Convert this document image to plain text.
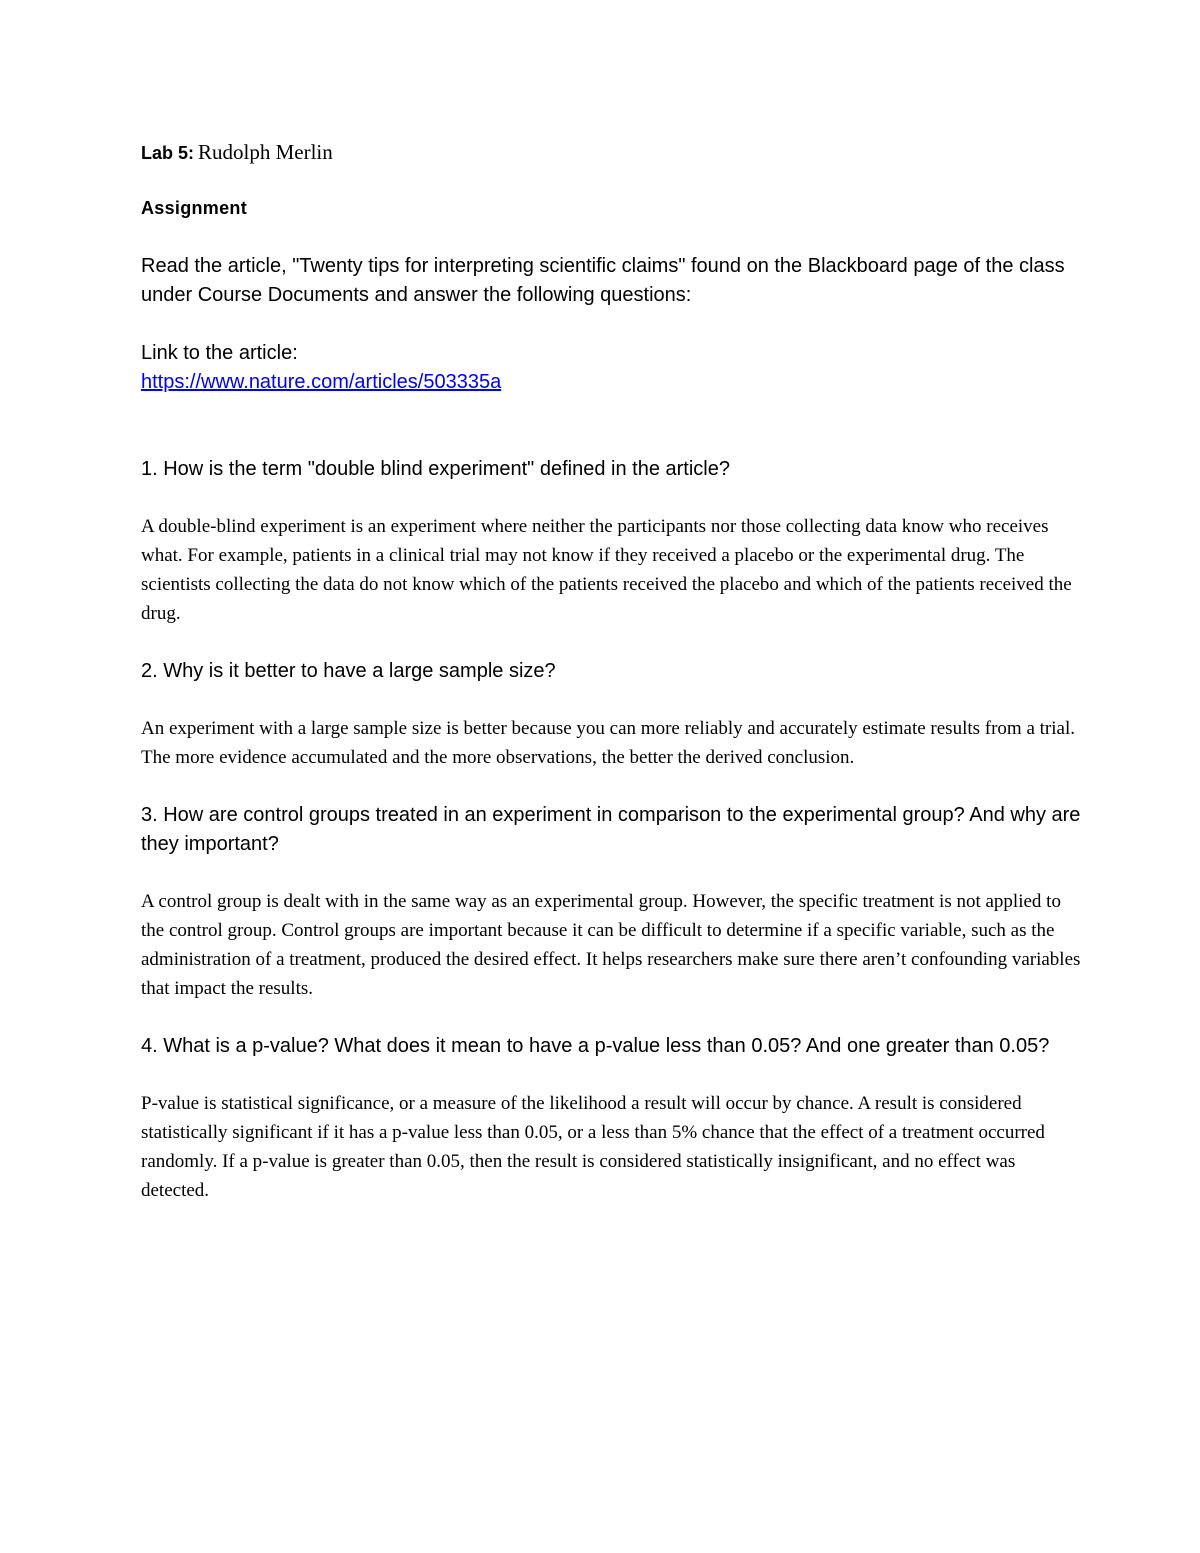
Lab 5: Rudolph Merlin

Assignment

Read the article, "Twenty tips for interpreting scientific claims" found on the Blackboard page of the class under Course Documents and answer the following questions:

Link to the article:

https://www.nature.com/articles/503335a

1. How is the term "double blind experiment" defined in the article?

A double-blind experiment is an experiment where neither the participants nor those collecting data know who receives what. For example, patients in a clinical trial may not know if they received a placebo or the experimental drug. The scientists collecting the data do not know which of the patients received the placebo and which of the patients received the drug.

2. Why is it better to have a large sample size?

An experiment with a large sample size is better because you can more reliably and accurately estimate results from a trial. The more evidence accumulated and the more observations, the better the derived conclusion.

3. How are control groups treated in an experiment in comparison to the experimental group? And why are they important?

A control group is dealt with in the same way as an experimental group. However, the specific treatment is not applied to the control group. Control groups are important because it can be difficult to determine if a specific variable, such as the administration of a treatment, produced the desired effect. It helps researchers make sure there aren’t confounding variables that impact the results.

4. What is a p-value? What does it mean to have a p-value less than 0.05? And one greater than 0.05?

P-value is statistical significance, or a measure of the likelihood a result will occur by chance. A result is considered statistically significant if it has a p-value less than 0.05, or a less than 5% chance that the effect of a treatment occurred randomly. If a p-value is greater than 0.05, then the result is considered statistically insignificant, and no effect was detected.
